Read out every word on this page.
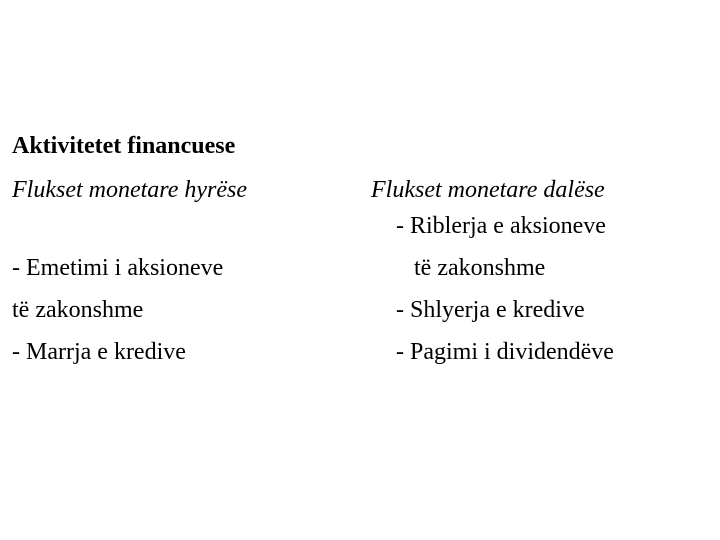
Aktivitetet financuese
Flukset monetare hyrëse
- Emetimi i aksioneve
të zakonshme
- Marrja e kredive
Flukset monetare dalëse
- Riblerja e aksioneve
të zakonshme
- Shlyerja e kredive
- Pagimi i dividendëve
